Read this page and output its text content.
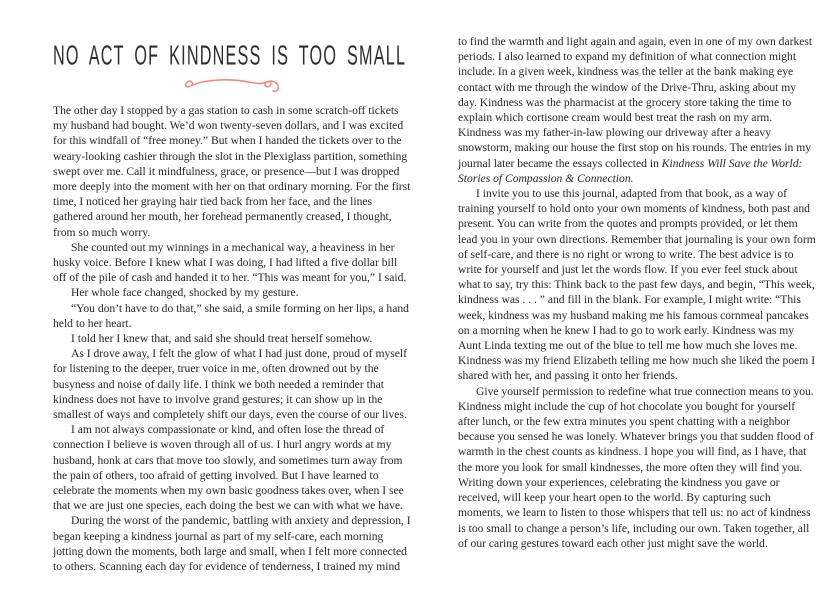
NO ACT OF KINDNESS IS TOO SMALL

The other day I stopped by a gas station to cash in some scratch-off tickets my husband had bought. We’d won twenty-seven dollars, and I was excited for this windfall of “free money.” But when I handed the tickets over to the weary-looking cashier through the slot in the Plexiglass partition, something swept over me. Call it mindfulness, grace, or presence—but I was dropped more deeply into the moment with her on that ordinary morning. For the first time, I noticed her graying hair tied back from her face, and the lines gathered around her mouth, her forehead permanently creased, I thought, from so much worry.

She counted out my winnings in a mechanical way, a heaviness in her husky voice. Before I knew what I was doing, I had lifted a five dollar bill off of the pile of cash and handed it to her. “This was meant for you,” I said.

Her whole face changed, shocked by my gesture.

“You don’t have to do that,” she said, a smile forming on her lips, a hand held to her heart.

I told her I knew that, and said she should treat herself somehow.

As I drove away, I felt the glow of what I had just done, proud of myself for listening to the deeper, truer voice in me, often drowned out by the busyness and noise of daily life. I think we both needed a reminder that kindness does not have to involve grand gestures; it can show up in the smallest of ways and completely shift our days, even the course of our lives.

I am not always compassionate or kind, and often lose the thread of connection I believe is woven through all of us. I hurl angry words at my husband, honk at cars that move too slowly, and sometimes turn away from the pain of others, too afraid of getting involved. But I have learned to celebrate the moments when my own basic goodness takes over, when I see that we are just one species, each doing the best we can with what we have.

During the worst of the pandemic, battling with anxiety and depression, I began keeping a kindness journal as part of my self-care, each morning jotting down the moments, both large and small, when I felt more connected to others. Scanning each day for evidence of tenderness, I trained my mind

to find the warmth and light again and again, even in one of my own darkest periods. I also learned to expand my definition of what connection might include. In a given week, kindness was the teller at the bank making eye contact with me through the window of the Drive-Thru, asking about my day. Kindness was the pharmacist at the grocery store taking the time to explain which cortisone cream would best treat the rash on my arm. Kindness was my father-in-law plowing our driveway after a heavy snowstorm, making our house the first stop on his rounds. The entries in my journal later became the essays collected in Kindness Will Save the World: Stories of Compassion & Connection.

I invite you to use this journal, adapted from that book, as a way of training yourself to hold onto your own moments of kindness, both past and present. You can write from the quotes and prompts provided, or let them lead you in your own directions. Remember that journaling is your own form of self-care, and there is no right or wrong to write. The best advice is to write for yourself and just let the words flow. If you ever feel stuck about what to say, try this: Think back to the past few days, and begin, “This week, kindness was . . . ” and fill in the blank. For example, I might write: “This week, kindness was my husband making me his famous cornmeal pancakes on a morning when he knew I had to go to work early. Kindness was my Aunt Linda texting me out of the blue to tell me how much she loves me. Kindness was my friend Elizabeth telling me how much she liked the poem I shared with her, and passing it onto her friends.

Give yourself permission to redefine what true connection means to you. Kindness might include the cup of hot chocolate you bought for yourself after lunch, or the few extra minutes you spent chatting with a neighbor because you sensed he was lonely. Whatever brings you that sudden flood of warmth in the chest counts as kindness. I hope you will find, as I have, that the more you look for small kindnesses, the more often they will find you. Writing down your experiences, celebrating the kindness you gave or received, will keep your heart open to the world. By capturing such moments, we learn to listen to those whispers that tell us: no act of kindness is too small to change a person’s life, including our own. Taken together, all of our caring gestures toward each other just might save the world.
